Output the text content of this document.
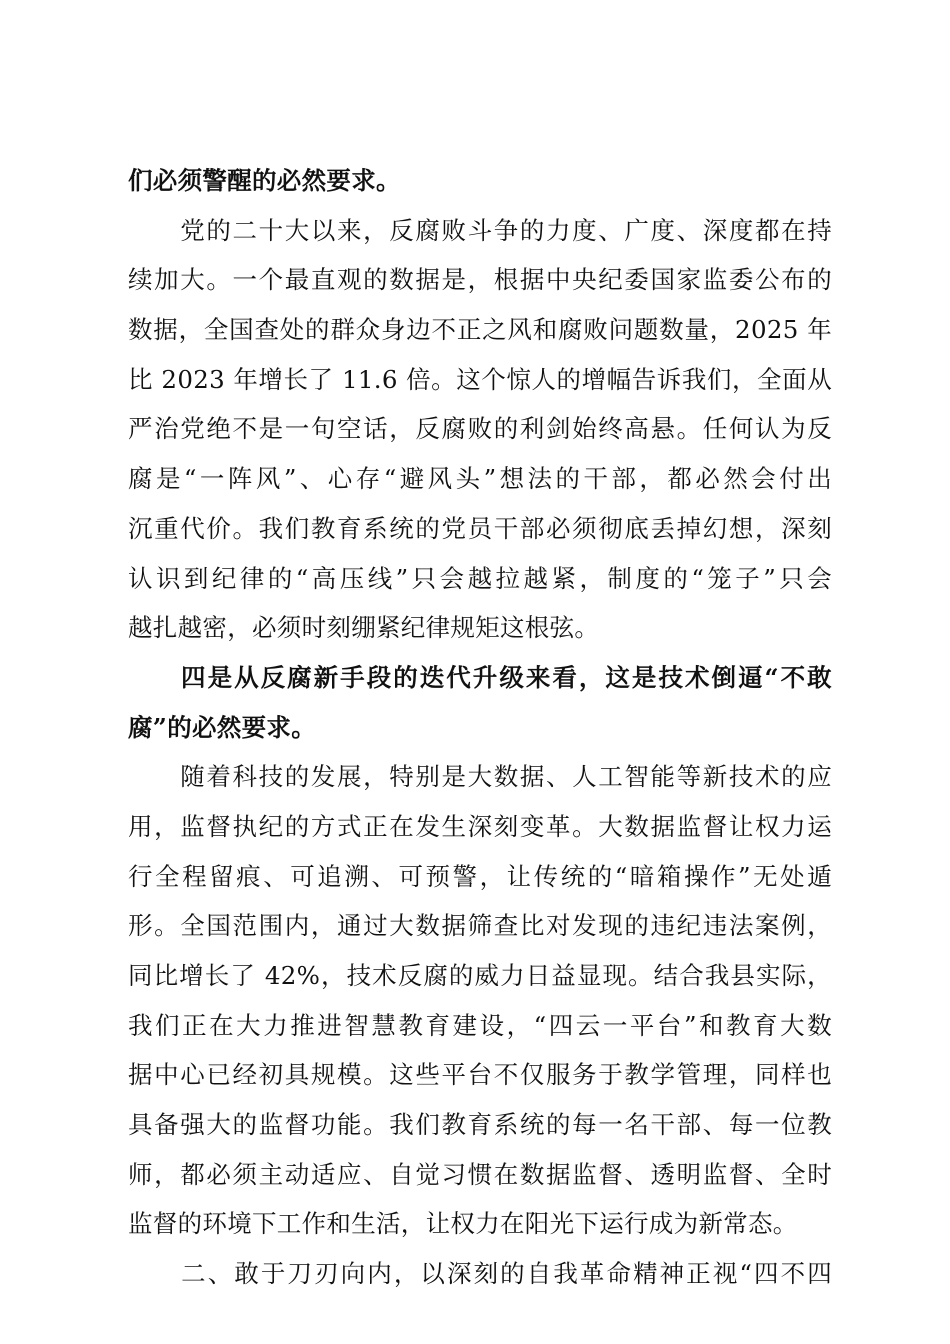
们必须警醒的必然要求。
　　党的二十大以来，反腐败斗争的力度、广度、深度都在持
续加大。一个最直观的数据是，根据中央纪委国家监委公布的
数据，全国查处的群众身边不正之风和腐败问题数量，2025 年
比 2023 年增长了 11.6 倍。这个惊人的增幅告诉我们，全面从
严治党绝不是一句空话，反腐败的利剑始终高悬。任何认为反
腐是“一阵风”、心存“避风头”想法的干部，都必然会付出
沉重代价。我们教育系统的党员干部必须彻底丢掉幻想，深刻
认识到纪律的“高压线”只会越拉越紧，制度的“笼子”只会
越扎越密，必须时刻绷紧纪律规矩这根弦。
　　四是从反腐新手段的迭代升级来看，这是技术倒逼“不敢
腐”的必然要求。
　　随着科技的发展，特别是大数据、人工智能等新技术的应
用，监督执纪的方式正在发生深刻变革。大数据监督让权力运
行全程留痕、可追溯、可预警，让传统的“暗箱操作”无处遁
形。全国范围内，通过大数据筛查比对发现的违纪违法案例，
同比增长了 42%，技术反腐的威力日益显现。结合我县实际，
我们正在大力推进智慧教育建设，“四云一平台”和教育大数
据中心已经初具规模。这些平台不仅服务于教学管理，同样也
具备强大的监督功能。我们教育系统的每一名干部、每一位教
师，都必须主动适应、自觉习惯在数据监督、透明监督、全时
监督的环境下工作和生活，让权力在阳光下运行成为新常态。
　　二、敢于刀刃向内，以深刻的自我革命精神正视“四不四
